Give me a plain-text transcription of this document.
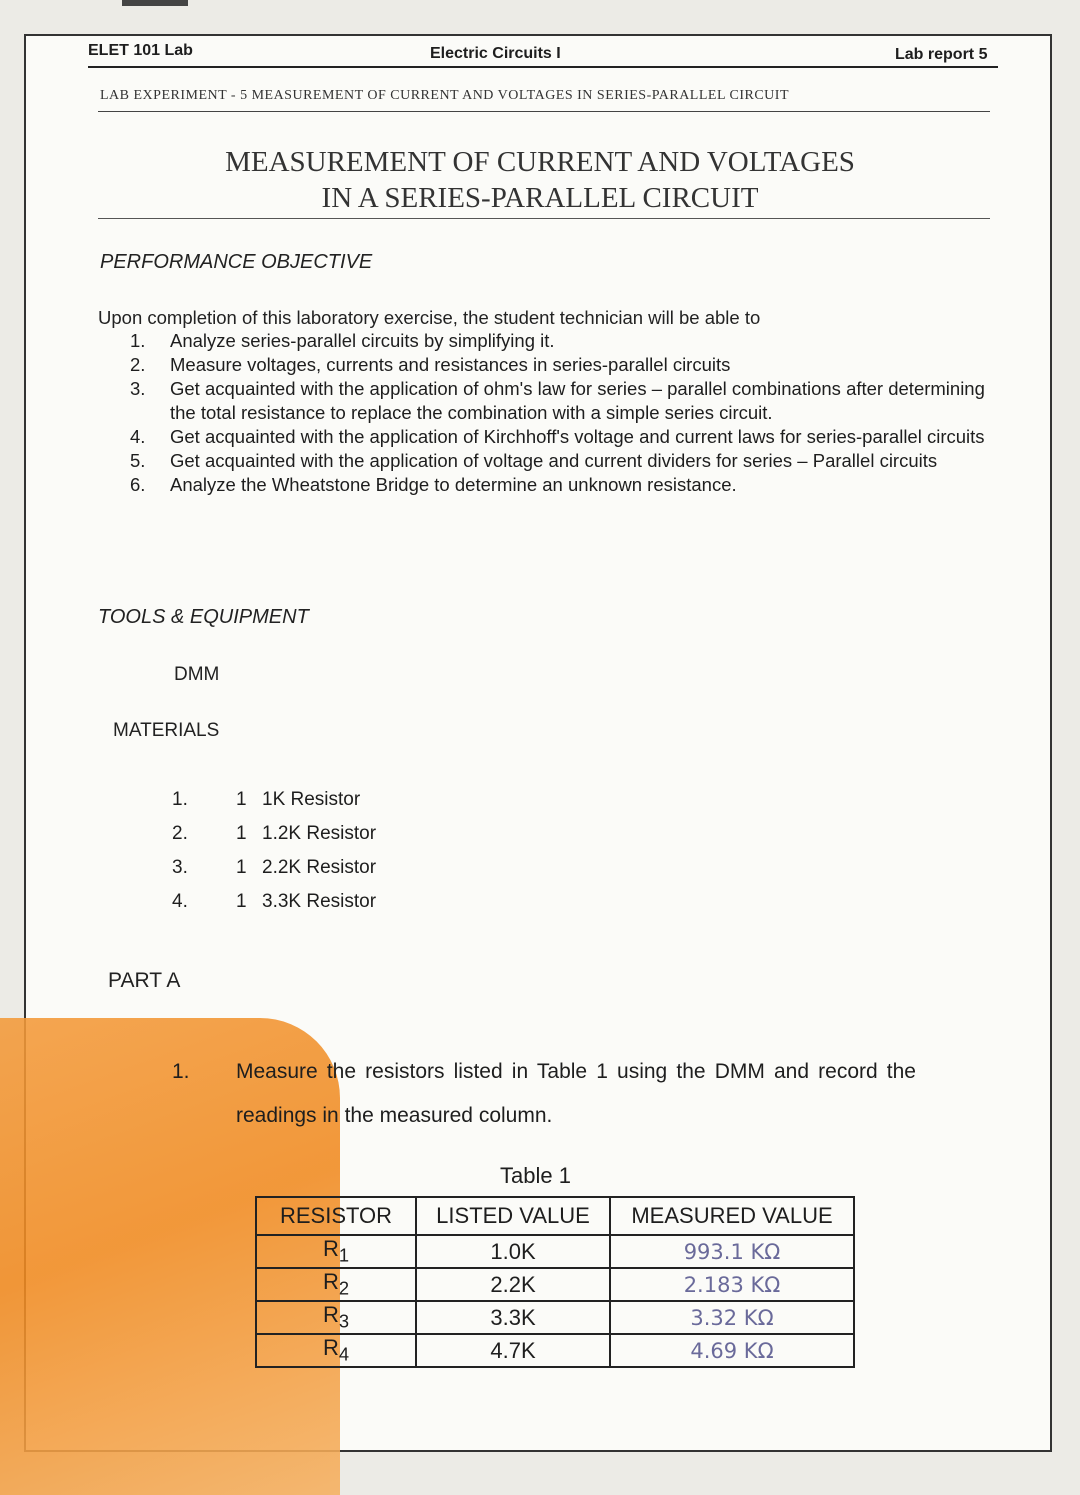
ELET 101 Lab	Electric Circuits I	Lab report 5
LAB EXPERIMENT - 5 MEASUREMENT OF CURRENT AND VOLTAGES IN SERIES-PARALLEL CIRCUIT
MEASUREMENT OF CURRENT AND VOLTAGES
IN A SERIES-PARALLEL CIRCUIT
PERFORMANCE OBJECTIVE
Upon completion of this laboratory exercise, the student technician will be able to
1.	Analyze series-parallel circuits by simplifying it.
2.	Measure voltages, currents and resistances in series-parallel circuits
3.	Get acquainted with the application of ohm's law for series – parallel combinations after determining the total resistance to replace the combination with a simple series circuit.
4.	Get acquainted with the application of Kirchhoff's voltage and current laws for series-parallel circuits
5.	Get acquainted with the application of voltage and current dividers for series – Parallel circuits
6.	Analyze the Wheatstone Bridge to determine an unknown resistance.
TOOLS & EQUIPMENT
DMM
MATERIALS
1.	1 1K Resistor
2.	1 1.2K Resistor
3.	1 2.2K Resistor
4.	1 3.3K Resistor
PART A
1. Measure the resistors listed in Table 1 using the DMM and record the readings in the measured column.
Table 1
RESISTOR	LISTED VALUE	MEASURED VALUE
$R_1$	1.0K	993.1 KΩ
$R_2$	2.2K	2.183 KΩ
$R_3$	3.3K	3.32 KΩ
$R_4$	4.7K	4.69 KΩ
